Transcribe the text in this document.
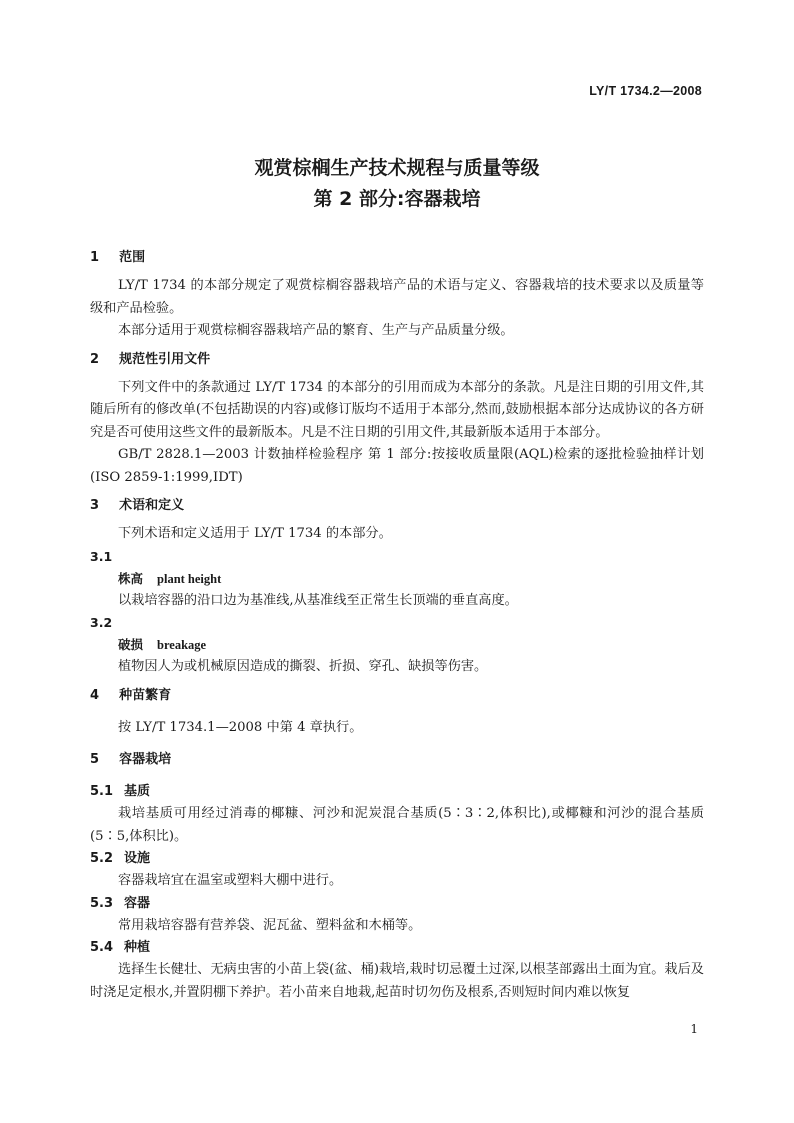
LY/T 1734.2—2008
观赏棕榈生产技术规程与质量等级
第 2 部分:容器栽培
1 范围

LY/T 1734 的本部分规定了观赏棕榈容器栽培产品的术语与定义、容器栽培的技术要求以及质量等级和产品检验。

本部分适用于观赏棕榈容器栽培产品的繁育、生产与产品质量分级。

2 规范性引用文件

下列文件中的条款通过 LY/T 1734 的本部分的引用而成为本部分的条款。凡是注日期的引用文件,其随后所有的修改单(不包括勘误的内容)或修订版均不适用于本部分,然而,鼓励根据本部分达成协议的各方研究是否可使用这些文件的最新版本。凡是不注日期的引用文件,其最新版本适用于本部分。

GB/T 2828.1—2003 计数抽样检验程序 第 1 部分:按接收质量限(AQL)检索的逐批检验抽样计划(ISO 2859-1:1999,IDT)

3 术语和定义

下列术语和定义适用于 LY/T 1734 的本部分。

3.1
株高 plant height

以栽培容器的沿口边为基准线,从基准线至正常生长顶端的垂直高度。

3.2
破损 breakage

植物因人为或机械原因造成的撕裂、折损、穿孔、缺损等伤害。

4 种苗繁育

按 LY/T 1734.1—2008 中第 4 章执行。

5 容器栽培
5.1 基质

栽培基质可用经过消毒的椰糠、河沙和泥炭混合基质(5∶3∶2,体积比),或椰糠和河沙的混合基质(5∶5,体积比)。

5.2 设施

容器栽培宜在温室或塑料大棚中进行。

5.3 容器

常用栽培容器有营养袋、泥瓦盆、塑料盆和木桶等。

5.4 种植

选择生长健壮、无病虫害的小苗上袋(盆、桶)栽培,栽时切忌覆土过深,以根茎部露出土面为宜。栽后及时浇足定根水,并置阴棚下养护。若小苗来自地栽,起苗时切勿伤及根系,否则短时间内难以恢复

1
